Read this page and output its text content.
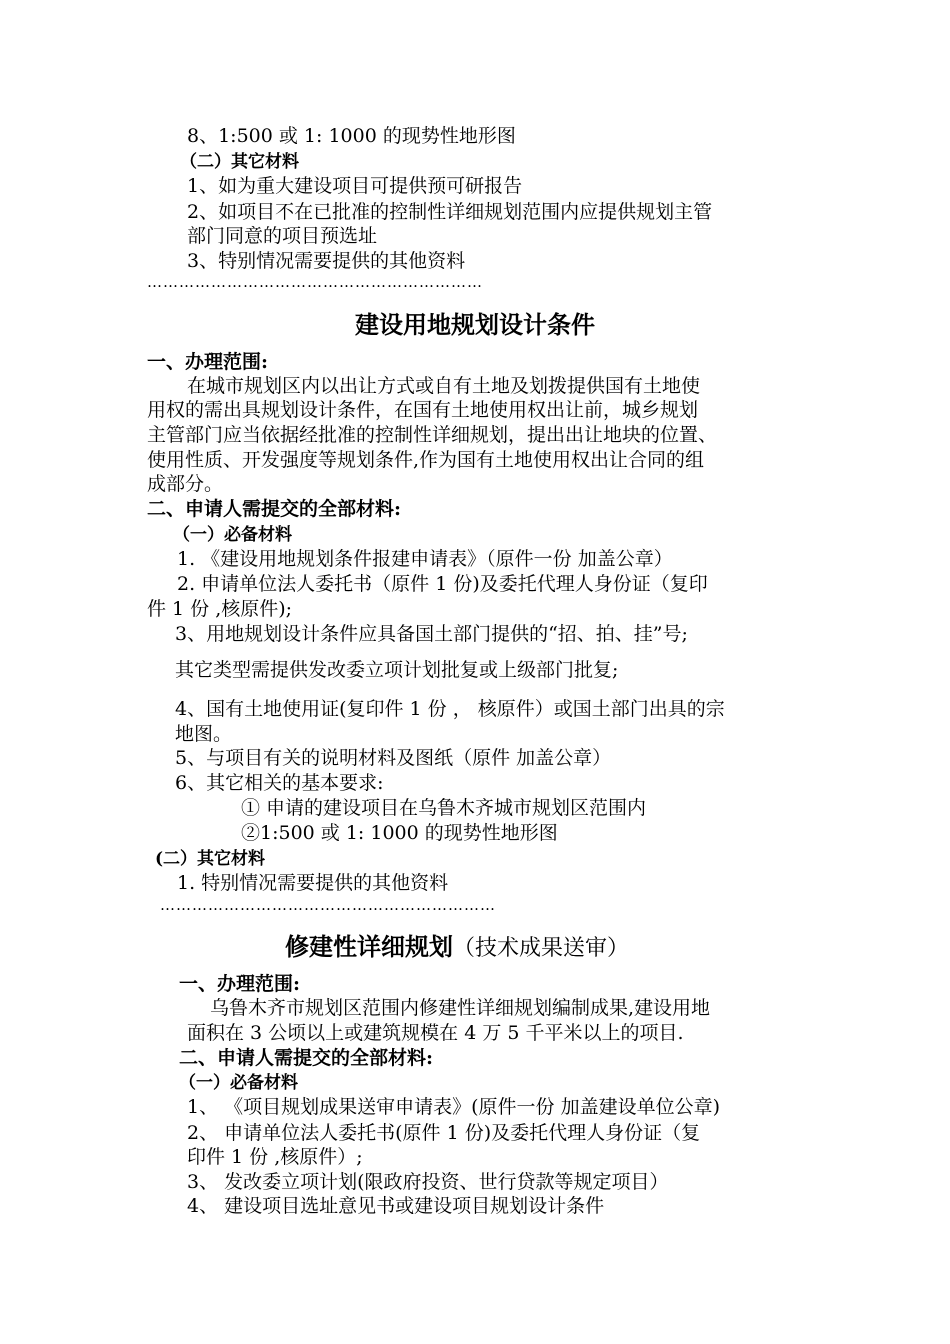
8、1:500 或 1: 1000 的现势性地形图
（二）其它材料
1、如为重大建设项目可提供预可研报告
2、如项目不在已批准的控制性详细规划范围内应提供规划主管
部门同意的项目预选址
3、特别情况需要提供的其他资料
………………………………………………………
建设用地规划设计条件
一、办理范围:
在城市规划区内以出让方式或自有土地及划拨提供国有土地使
用权的需出具规划设计条件，在国有土地使用权出让前，城乡规划
主管部门应当依据经批准的控制性详细规划，提出出让地块的位置、
使用性质、开发强度等规划条件,作为国有土地使用权出让合同的组
成部分。
二、申请人需提交的全部材料:
（一）必备材料
1. 《建设用地规划条件报建申请表》（原件一份 加盖公章）
2. 申请单位法人委托书（原件 1 份)及委托代理人身份证（复印
件 1 份 ,核原件);
3、用地规划设计条件应具备国土部门提供的“招、拍、挂”号;
其它类型需提供发改委立项计划批复或上级部门批复;
4、国有土地使用证(复印件 1 份 ， 核原件）或国土部门出具的宗
地图。
5、与项目有关的说明材料及图纸（原件 加盖公章）
6、其它相关的基本要求:
① 申请的建设项目在乌鲁木齐城市规划区范围内
②1:500 或 1: 1000 的现势性地形图
(二）其它材料
1. 特别情况需要提供的其他资料
………………………………………………………
修建性详细规划（技术成果送审）
一、办理范围:
乌鲁木齐市规划区范围内修建性详细规划编制成果,建设用地
面积在 3 公顷以上或建筑规模在 4 万 5 千平米以上的项目.
二、申请人需提交的全部材料:
（一）必备材料
1、 《项目规划成果送审申请表》(原件一份 加盖建设单位公章)
2、 申请单位法人委托书(原件 1 份)及委托代理人身份证（复
印件 1 份 ,核原件）;
3、 发改委立项计划(限政府投资、世行贷款等规定项目）
4、 建设项目选址意见书或建设项目规划设计条件
